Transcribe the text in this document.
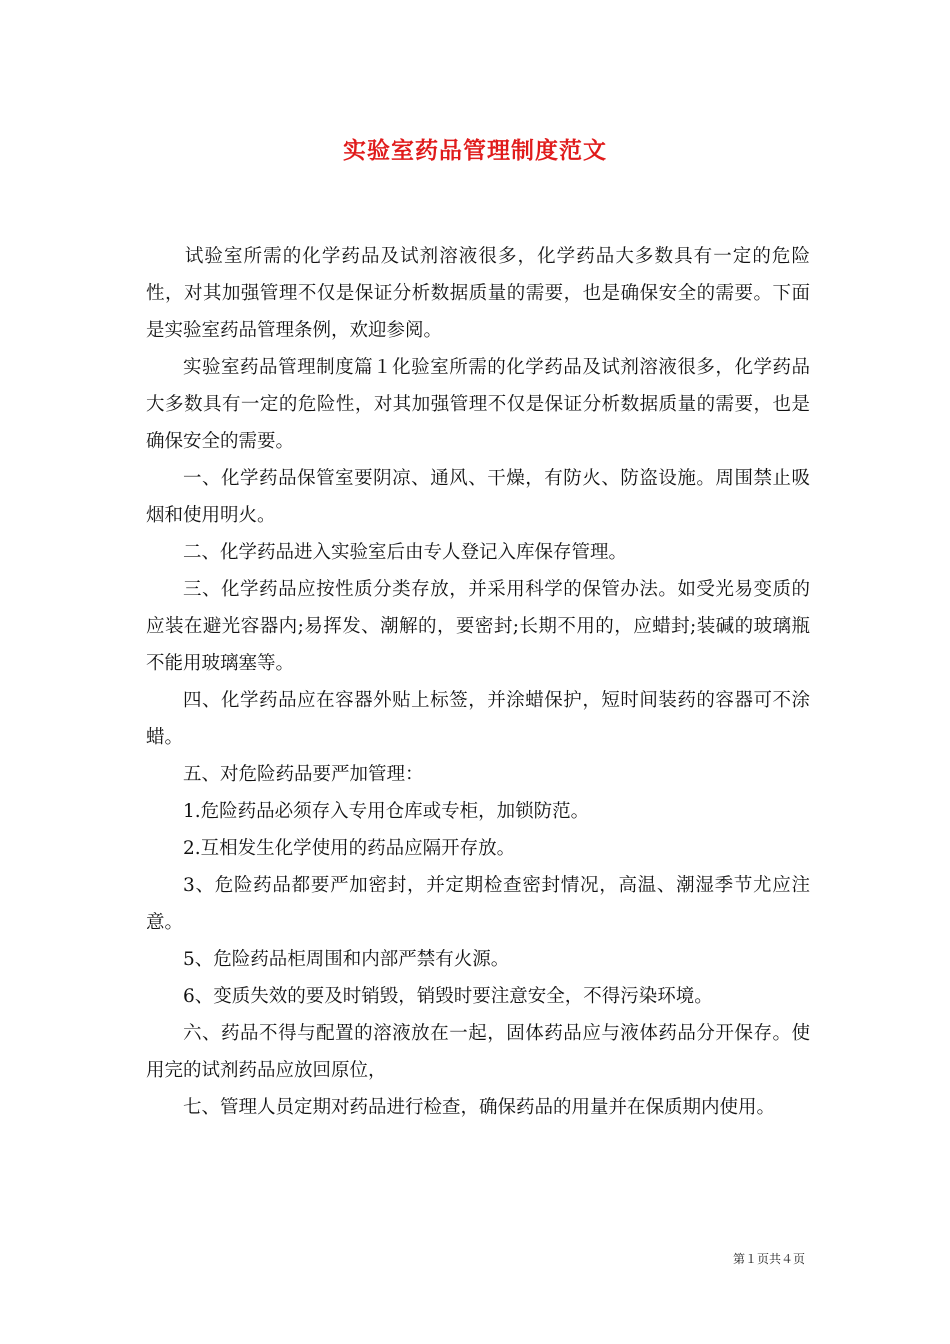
实验室药品管理制度范文

试验室所需的化学药品及试剂溶液很多，化学药品大多数具有一定的危险性，对其加强管理不仅是保证分析数据质量的需要，也是确保安全的需要。下面是实验室药品管理条例，欢迎参阅。

实验室药品管理制度篇１化验室所需的化学药品及试剂溶液很多，化学药品大多数具有一定的危险性，对其加强管理不仅是保证分析数据质量的需要，也是确保安全的需要。

一、化学药品保管室要阴凉、通风、干燥，有防火、防盗设施。周围禁止吸烟和使用明火。

二、化学药品进入实验室后由专人登记入库保存管理。

三、化学药品应按性质分类存放，并采用科学的保管办法。如受光易变质的应装在避光容器内;易挥发、潮解的，要密封;长期不用的，应蜡封;装碱的玻璃瓶不能用玻璃塞等。

四、化学药品应在容器外贴上标签，并涂蜡保护，短时间装药的容器可不涂蜡。

五、对危险药品要严加管理：

1.危险药品必须存入专用仓库或专柜，加锁防范。

2.互相发生化学使用的药品应隔开存放。

3、危险药品都要严加密封，并定期检查密封情况，高温、潮湿季节尤应注意。

5、危险药品柜周围和内部严禁有火源。

6、变质失效的要及时销毁，销毁时要注意安全，不得污染环境。

六、药品不得与配置的溶液放在一起，固体药品应与液体药品分开保存。使用完的试剂药品应放回原位，

七、管理人员定期对药品进行检查，确保药品的用量并在保质期内使用。

第１页共４页
